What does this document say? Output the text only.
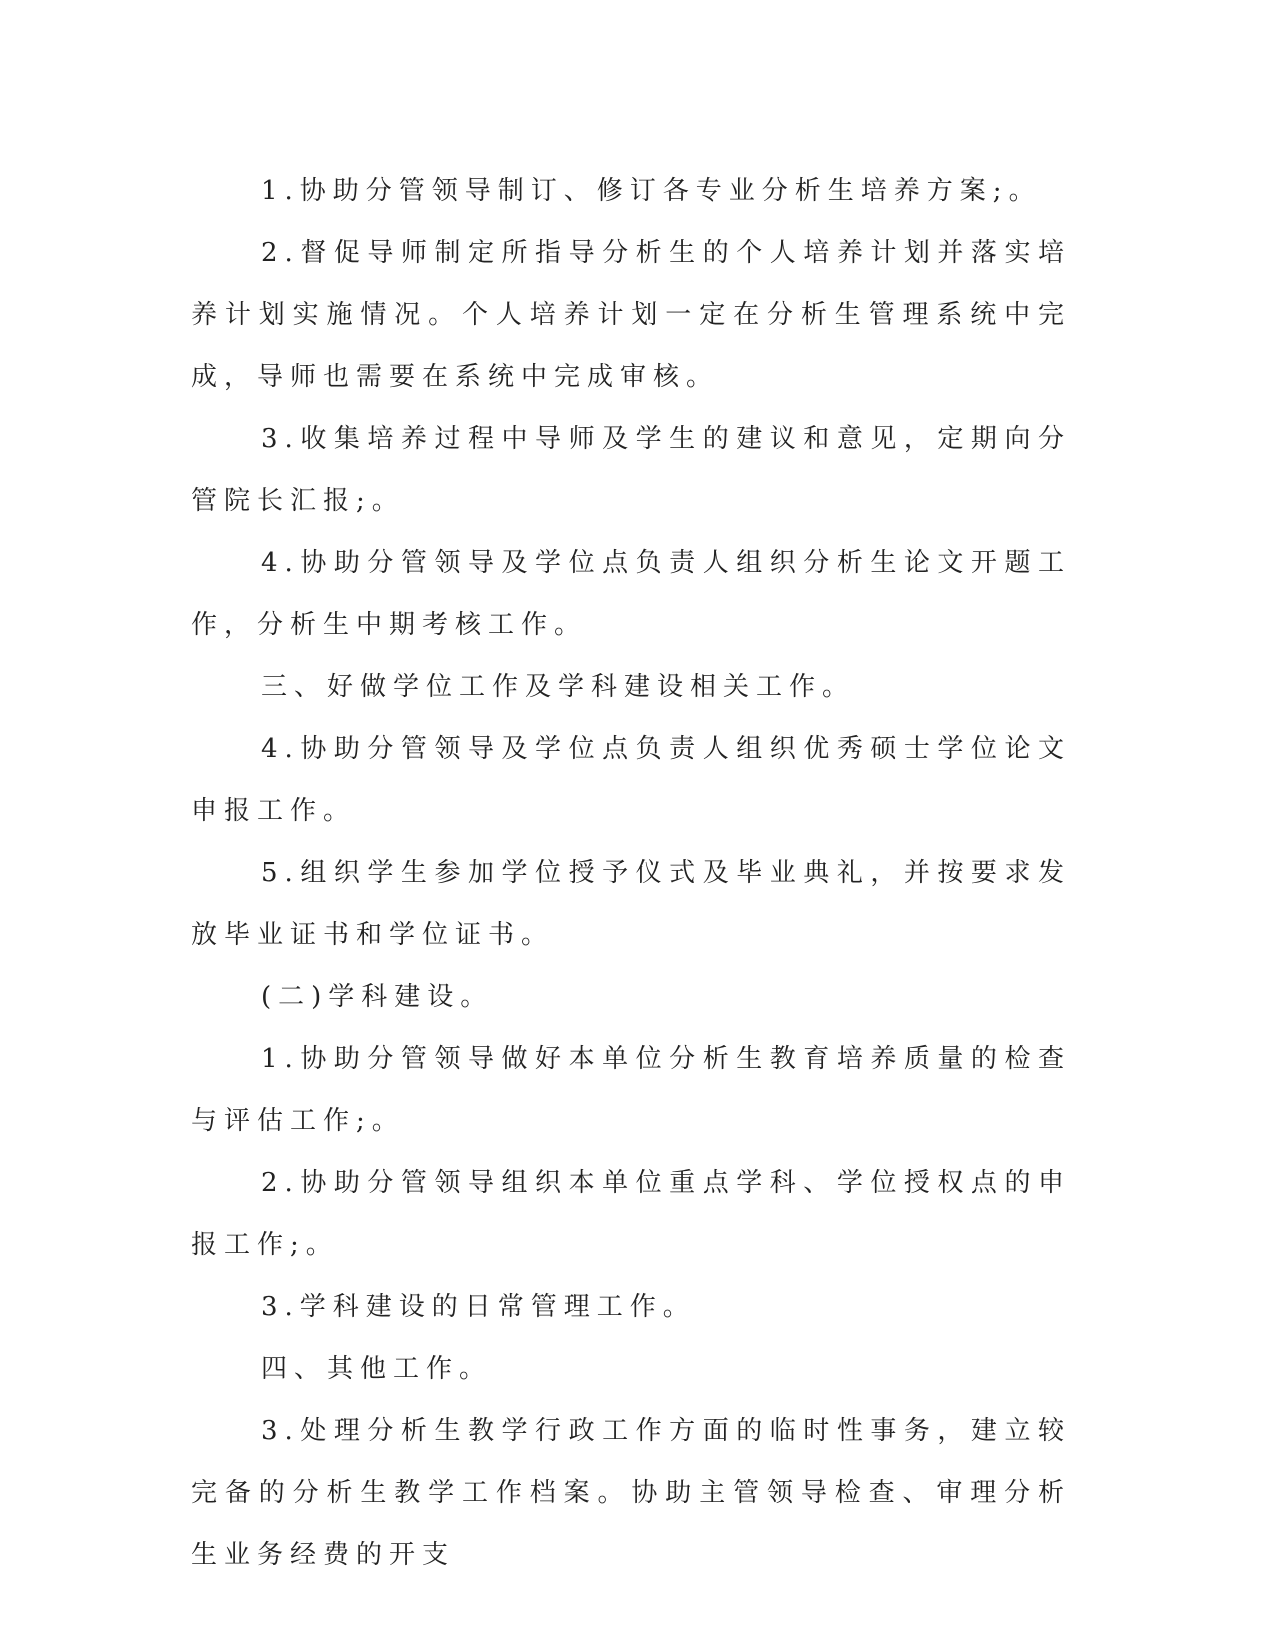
1.协助分管领导制订、修订各专业分析生培养方案;。

2.督促导师制定所指导分析生的个人培养计划并落实培养计划实施情况。个人培养计划一定在分析生管理系统中完成，导师也需要在系统中完成审核。

3.收集培养过程中导师及学生的建议和意见，定期向分管院长汇报;。

4.协助分管领导及学位点负责人组织分析生论文开题工作，分析生中期考核工作。

三、好做学位工作及学科建设相关工作。

4.协助分管领导及学位点负责人组织优秀硕士学位论文申报工作。

5.组织学生参加学位授予仪式及毕业典礼，并按要求发放毕业证书和学位证书。

(二)学科建设。

1.协助分管领导做好本单位分析生教育培养质量的检查与评估工作;。

2.协助分管领导组织本单位重点学科、学位授权点的申报工作;。

3.学科建设的日常管理工作。

四、其他工作。

3.处理分析生教学行政工作方面的临时性事务，建立较完备的分析生教学工作档案。协助主管领导检查、审理分析生业务经费的开支
